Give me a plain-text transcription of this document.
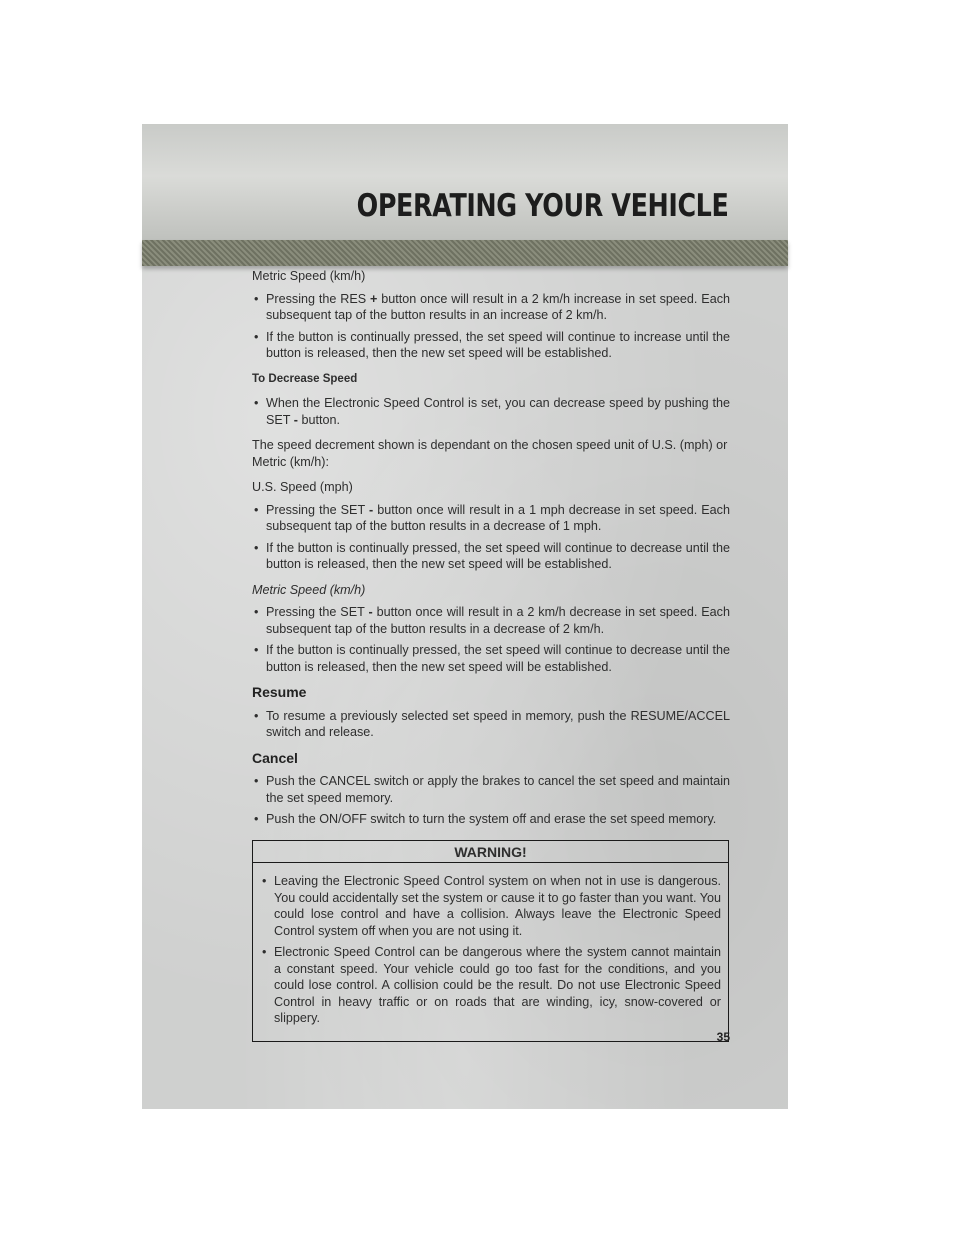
OPERATING YOUR VEHICLE

Metric Speed (km/h)

• Pressing the RES + button once will result in a 2 km/h increase in set speed. Each subsequent tap of the button results in an increase of 2 km/h.
• If the button is continually pressed, the set speed will continue to increase until the button is released, then the new set speed will be established.

To Decrease Speed

• When the Electronic Speed Control is set, you can decrease speed by pushing the SET - button.

The speed decrement shown is dependant on the chosen speed unit of U.S. (mph) or Metric (km/h):

U.S. Speed (mph)

• Pressing the SET - button once will result in a 1 mph decrease in set speed. Each subsequent tap of the button results in a decrease of 1 mph.
• If the button is continually pressed, the set speed will continue to decrease until the button is released, then the new set speed will be established.

Metric Speed (km/h)

• Pressing the SET - button once will result in a 2 km/h decrease in set speed. Each subsequent tap of the button results in a decrease of 2 km/h.
• If the button is continually pressed, the set speed will continue to decrease until the button is released, then the new set speed will be established.

Resume

• To resume a previously selected set speed in memory, push the RESUME/ACCEL switch and release.

Cancel

• Push the CANCEL switch or apply the brakes to cancel the set speed and maintain the set speed memory.
• Push the ON/OFF switch to turn the system off and erase the set speed memory.
WARNING!
• Leaving the Electronic Speed Control system on when not in use is dangerous. You could accidentally set the system or cause it to go faster than you want. You could lose control and have a collision. Always leave the Electronic Speed Control system off when you are not using it.
• Electronic Speed Control can be dangerous where the system cannot maintain a constant speed. Your vehicle could go too fast for the conditions, and you could lose control. A collision could be the result. Do not use Electronic Speed Control in heavy traffic or on roads that are winding, icy, snow-covered or slippery.
35
